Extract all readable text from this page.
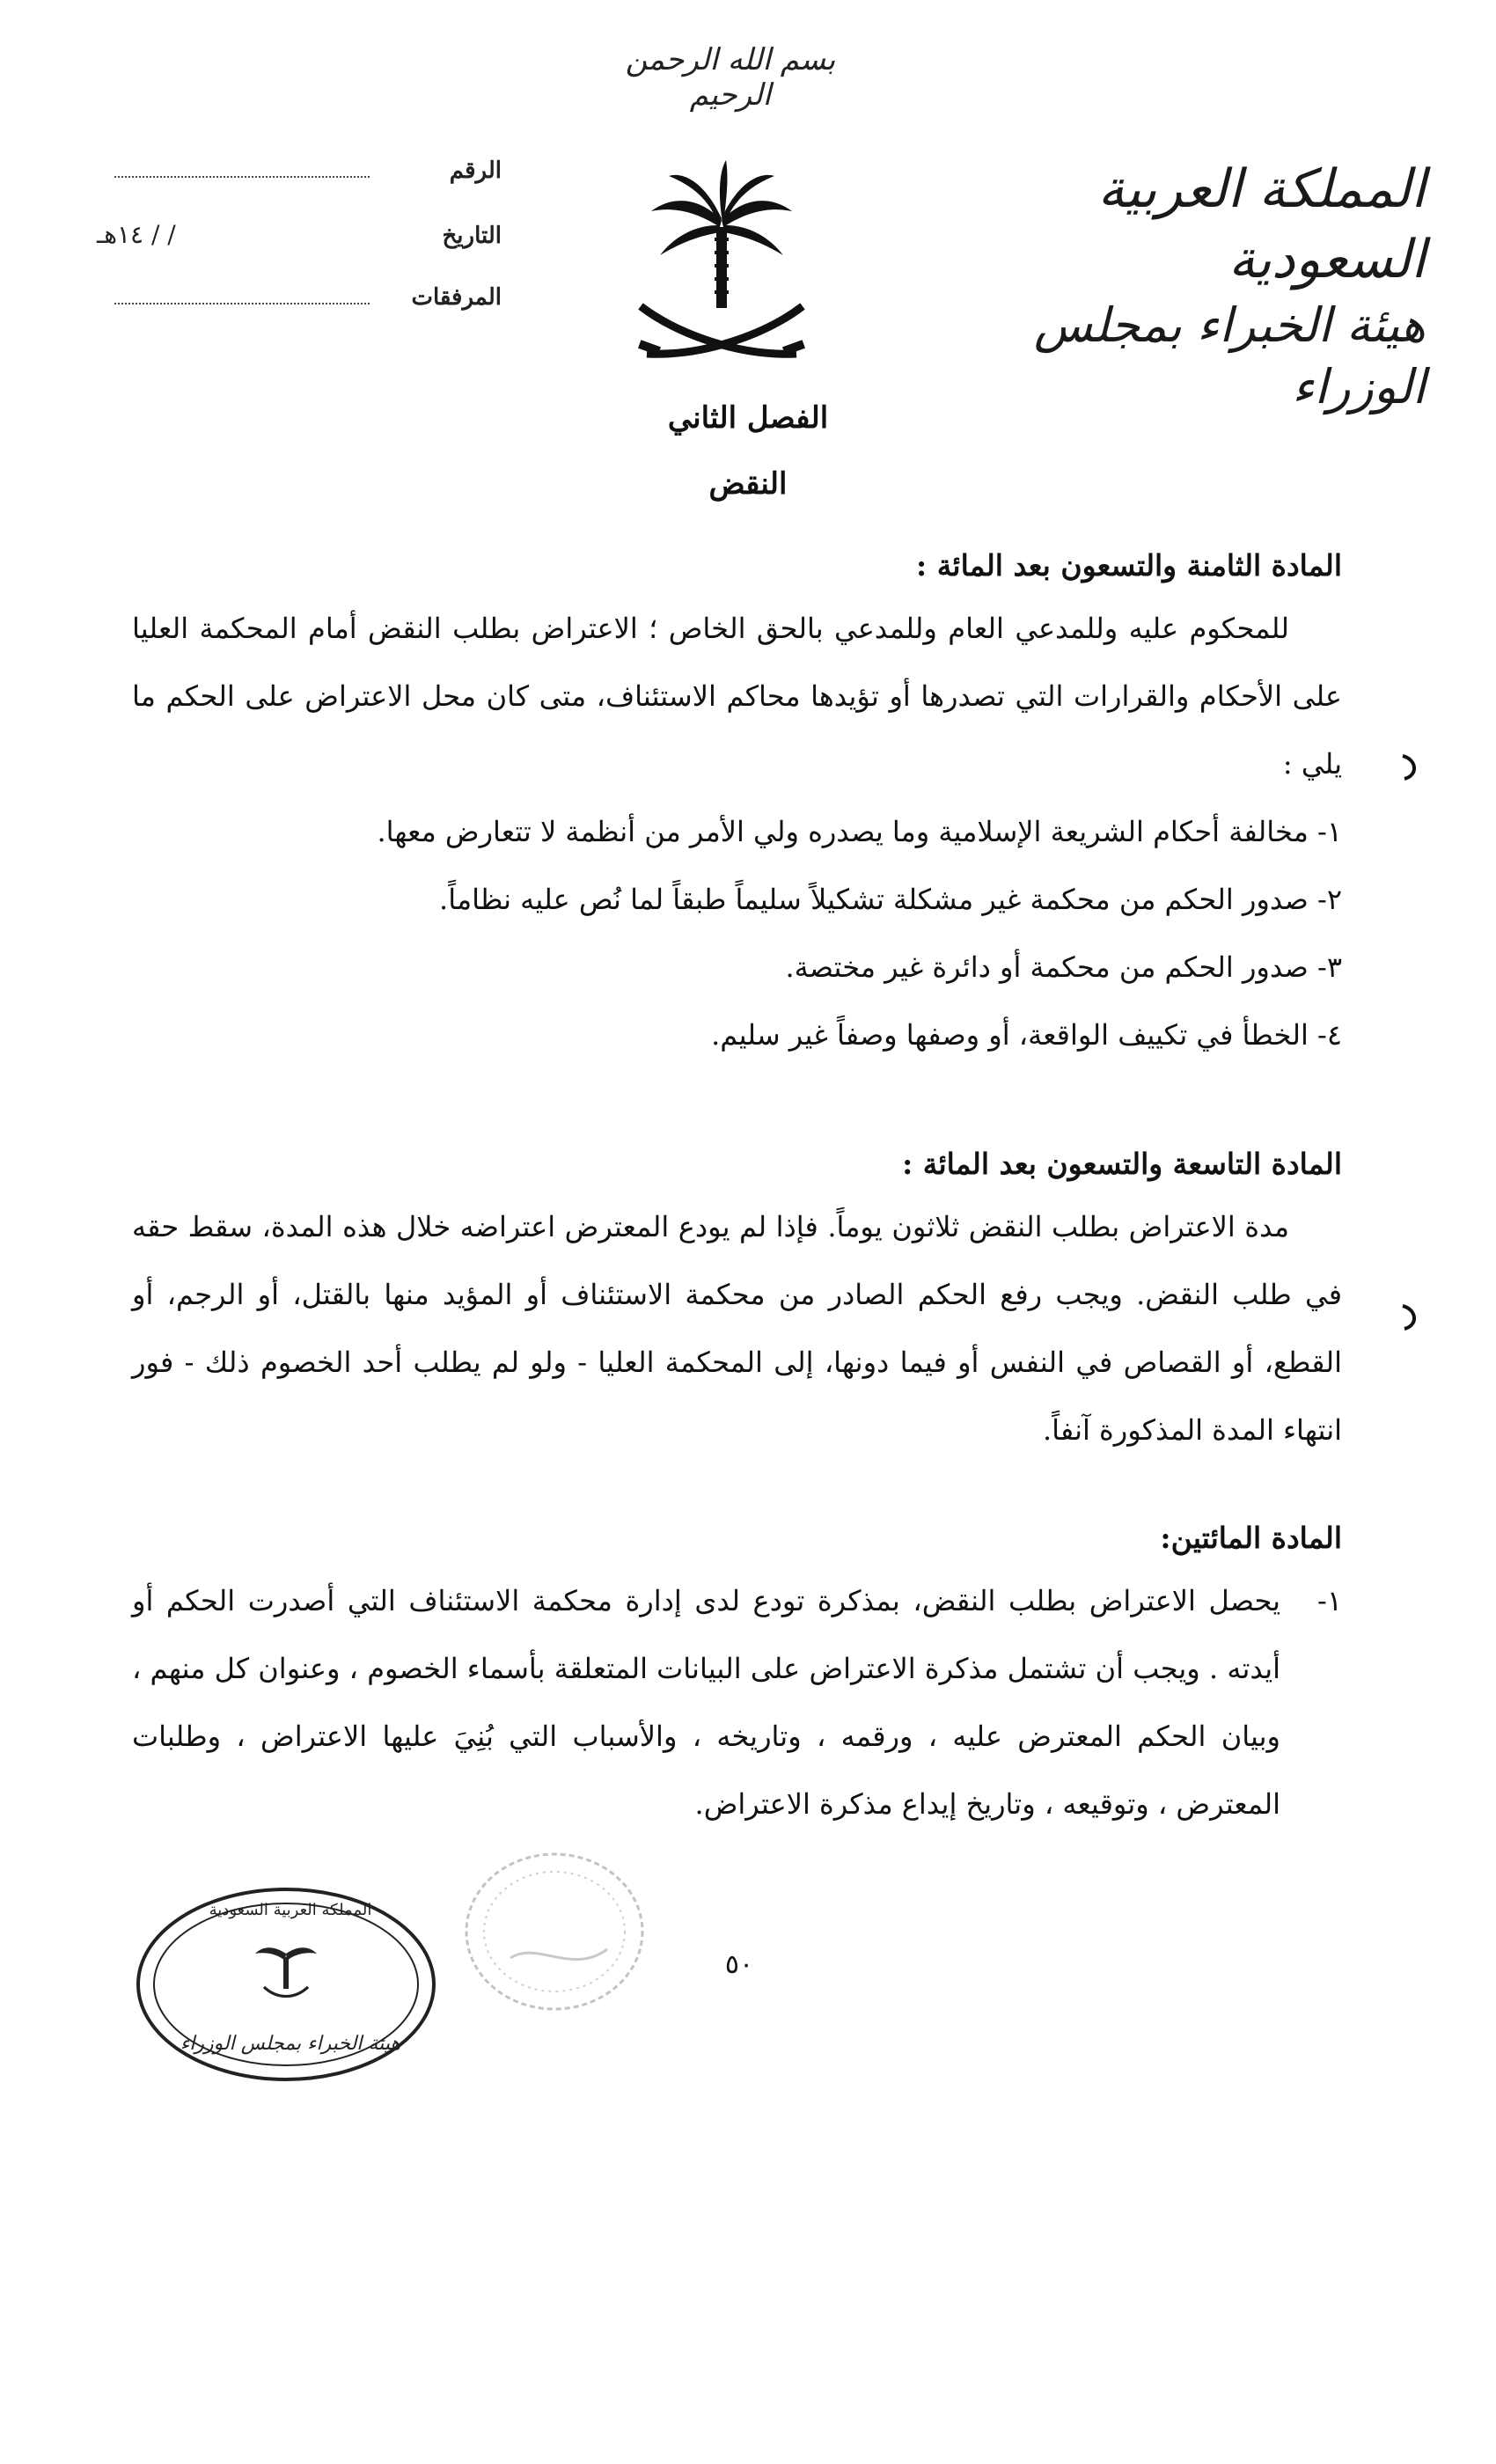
بسم الله الرحمن الرحيم
المملكة العربية السعودية
هيئة الخبراء بمجلس الوزراء
الرقم
التاريخ
/ / ١٤هـ
المرفقات
الفصل الثاني
النقض
المادة الثامنة والتسعون بعد المائة :
للمحكوم عليه وللمدعي العام وللمدعي بالحق الخاص ؛ الاعتراض بطلب النقض أمام المحكمة العليا على الأحكام والقرارات التي تصدرها أو تؤيدها محاكم الاستئناف، متى كان محل الاعتراض على الحكم ما يلي :
١- مخالفة أحكام الشريعة الإسلامية وما يصدره ولي الأمر من أنظمة لا تتعارض معها.
٢- صدور الحكم من محكمة غير مشكلة تشكيلاً سليماً طبقاً لما نُص عليه نظاماً.
٣- صدور الحكم من محكمة أو دائرة غير مختصة.
٤- الخطأ في تكييف الواقعة، أو وصفها وصفاً غير سليم.
المادة التاسعة والتسعون بعد المائة :
مدة الاعتراض بطلب النقض ثلاثون يوماً. فإذا لم يودع المعترض اعتراضه خلال هذه المدة، سقط حقه في طلب النقض. ويجب رفع الحكم الصادر من محكمة الاستئناف أو المؤيد منها بالقتل، أو الرجم، أو القطع، أو القصاص في النفس أو فيما دونها، إلى المحكمة العليا - ولو لم يطلب أحد الخصوم ذلك - فور انتهاء المدة المذكورة آنفاً.
المادة المائتين:
١-
يحصل الاعتراض بطلب النقض، بمذكرة تودع لدى إدارة محكمة الاستئناف التي أصدرت الحكم أو أيدته . ويجب أن تشتمل مذكرة الاعتراض على البيانات المتعلقة بأسماء الخصوم ، وعنوان كل منهم ، وبيان الحكم المعترض عليه ، ورقمه ، وتاريخه ، والأسباب التي بُنِيَ عليها الاعتراض ، وطلبات المعترض ، وتوقيعه ، وتاريخ إيداع مذكرة الاعتراض.
المملكة العربية السعودية
هيئة الخبراء بمجلس الوزراء
٥٠
